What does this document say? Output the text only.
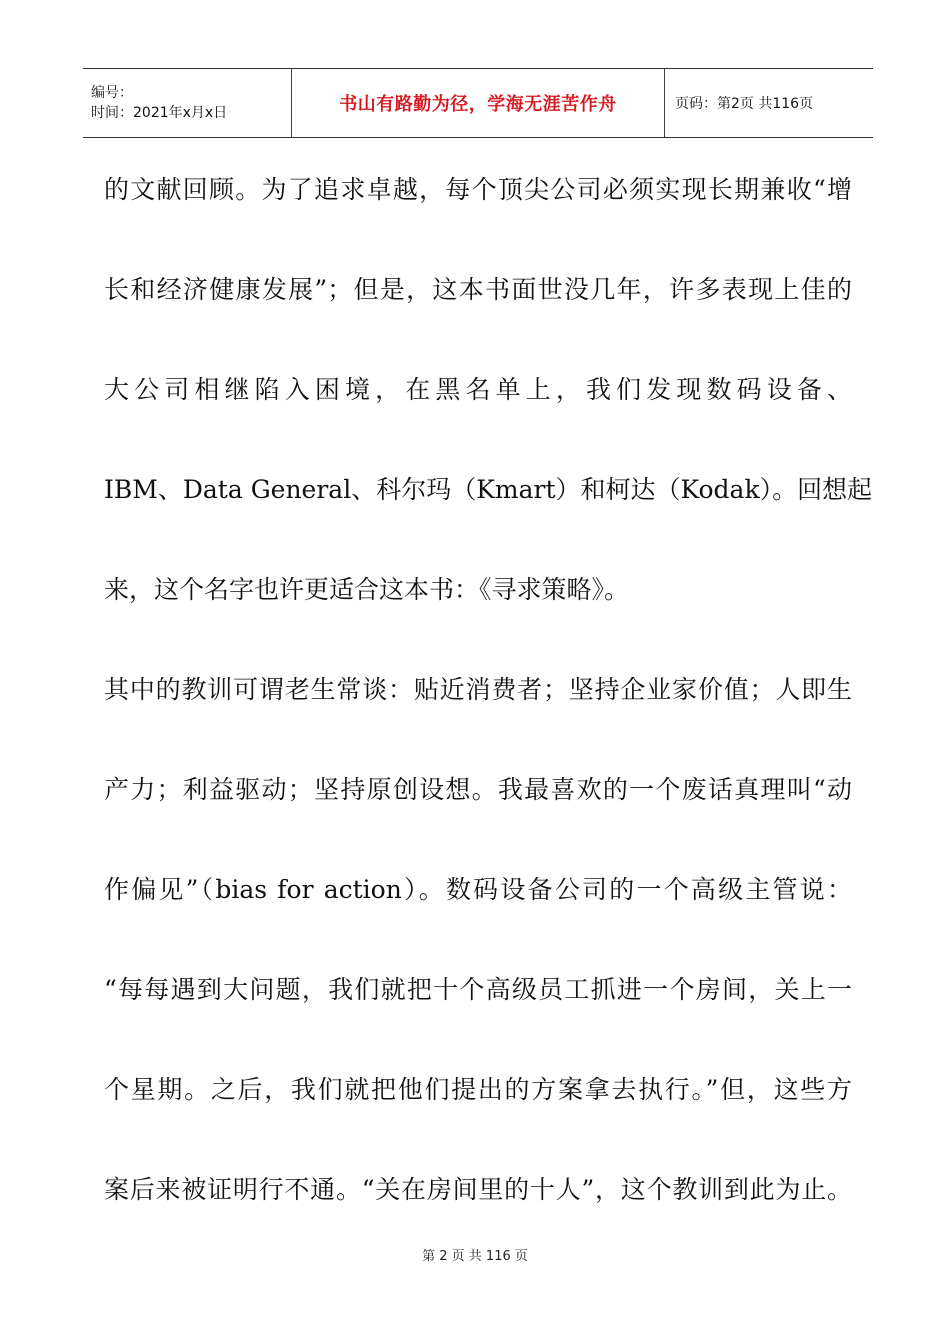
编号：
时间：2021年x月x日	书山有路勤为径，学海无涯苦作舟	页码：第2页 共116页
的文献回顾。为了追求卓越，每个顶尖公司必须实现长期兼收“增
长和经济健康发展”；但是，这本书面世没几年，许多表现上佳的
大公司相继陷入困境，在黑名单上，我们发现数码设备、
IBM、Data General、科尔玛（Kmart）和柯达（Kodak）。回想起
来，这个名字也许更适合这本书：《寻求策略》。
其中的教训可谓老生常谈：贴近消费者；坚持企业家价值；人即生
产力；利益驱动；坚持原创设想。我最喜欢的一个废话真理叫“动
作偏见”（bias for action）。数码设备公司的一个高级主管说：
“每每遇到大问题，我们就把十个高级员工抓进一个房间，关上一
个星期。之后，我们就把他们提出的方案拿去执行。”但，这些方
案后来被证明行不通。“关在房间里的十人”，这个教训到此为止。
第 2 页 共 116 页
